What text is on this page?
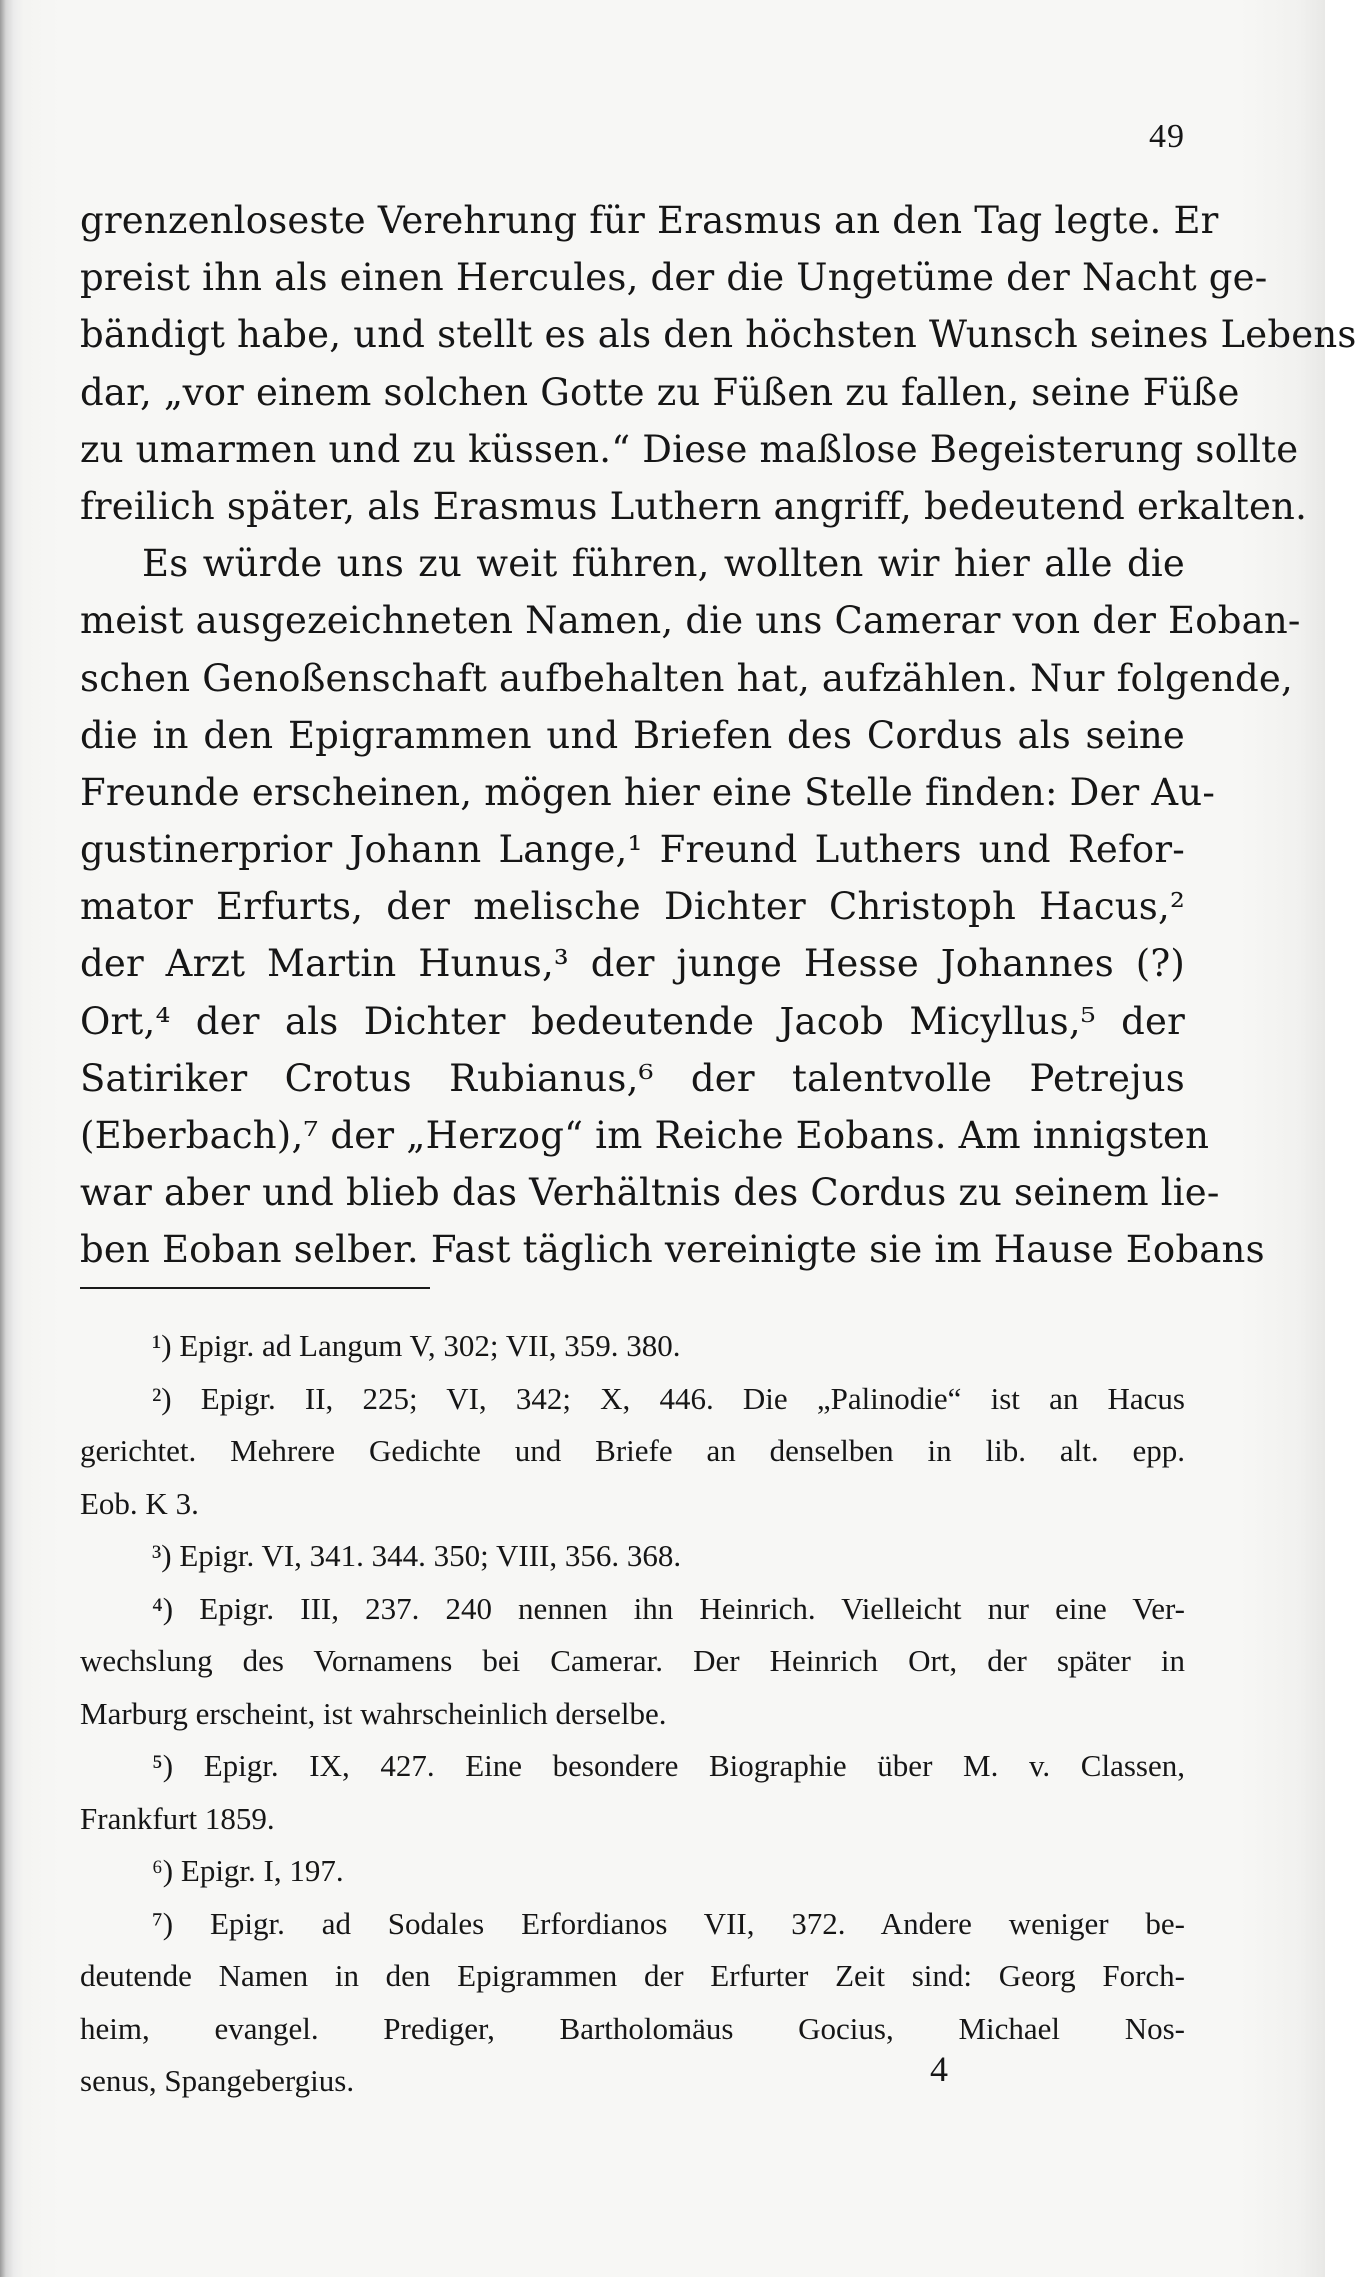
49
grenzenloseste Verehrung für Erasmus an den Tag legte. Er
preist ihn als einen Hercules, der die Ungetüme der Nacht ge-
bändigt habe, und stellt es als den höchsten Wunsch seines Lebens
dar, „vor einem solchen Gotte zu Füßen zu fallen, seine Füße
zu umarmen und zu küssen.“ Diese maßlose Begeisterung sollte
freilich später, als Erasmus Luthern angriff, bedeutend erkalten.
Es würde uns zu weit führen, wollten wir hier alle die
meist ausgezeichneten Namen, die uns Camerar von der Eoban-
schen Genoßenschaft aufbehalten hat, aufzählen. Nur folgende,
die in den Epigrammen und Briefen des Cordus als seine
Freunde erscheinen, mögen hier eine Stelle finden: Der Au-
gustinerprior Johann Lange,¹ Freund Luthers und Refor-
mator Erfurts, der melische Dichter Christoph Hacus,²
der Arzt Martin Hunus,³ der junge Hesse Johannes (?)
Ort,⁴ der als Dichter bedeutende Jacob Micyllus,⁵ der
Satiriker Crotus Rubianus,⁶ der talentvolle Petrejus
(Eberbach),⁷ der „Herzog“ im Reiche Eobans. Am innigsten
war aber und blieb das Verhältnis des Cordus zu seinem lie-
ben Eoban selber. Fast täglich vereinigte sie im Hause Eobans
¹) Epigr. ad Langum V, 302; VII, 359. 380.
²) Epigr. II, 225; VI, 342; X, 446. Die „Palinodie“ ist an Hacus
gerichtet. Mehrere Gedichte und Briefe an denselben in lib. alt. epp.
Eob. K 3.
³) Epigr. VI, 341. 344. 350; VIII, 356. 368.
⁴) Epigr. III, 237. 240 nennen ihn Heinrich. Vielleicht nur eine Ver-
wechslung des Vornamens bei Camerar. Der Heinrich Ort, der später in
Marburg erscheint, ist wahrscheinlich derselbe.
⁵) Epigr. IX, 427. Eine besondere Biographie über M. v. Classen,
Frankfurt 1859.
⁶) Epigr. I, 197.
⁷) Epigr. ad Sodales Erfordianos VII, 372. Andere weniger be-
deutende Namen in den Epigrammen der Erfurter Zeit sind: Georg Forch-
heim, evangel. Prediger, Bartholomäus Gocius, Michael Nos-
senus, Spangebergius.	4
